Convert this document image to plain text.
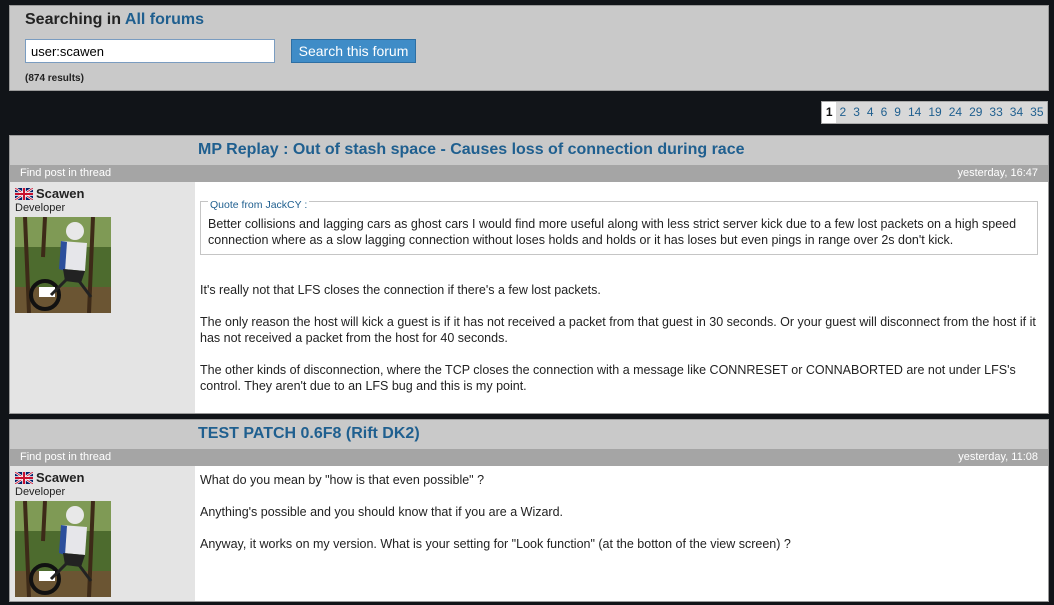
Searching in All forums
user:scawen
Search this forum
(874 results)
1 2 3 4 6 9 14 19 24 29 33 34 35
MP Replay : Out of stash space - Causes loss of connection during race
Find post in thread	yesterday, 16:47
Scawen
Developer	Quote from JackCY :
Better collisions and lagging cars as ghost cars I would find more useful along with less strict server kick due to a few lost packets on a high speed connection where as a slow lagging connection without loses holds and holds or it has loses but even pings in range over 2s don't kick.
It's really not that LFS closes the connection if there's a few lost packets.
The only reason the host will kick a guest is if it has not received a packet from that guest in 30 seconds. Or your guest will disconnect from the host if it has not received a packet from the host for 40 seconds.
The other kinds of disconnection, where the TCP closes the connection with a message like CONNRESET or CONNABORTED are not under LFS's control. They aren't due to an LFS bug and this is my point.
TEST PATCH 0.6F8 (Rift DK2)
Find post in thread	yesterday, 11:08
Scawen
Developer
What do you mean by "how is that even possible" ?
Anything's possible and you should know that if you are a Wizard.
Anyway, it works on my version. What is your setting for "Look function" (at the botton of the view screen) ?
